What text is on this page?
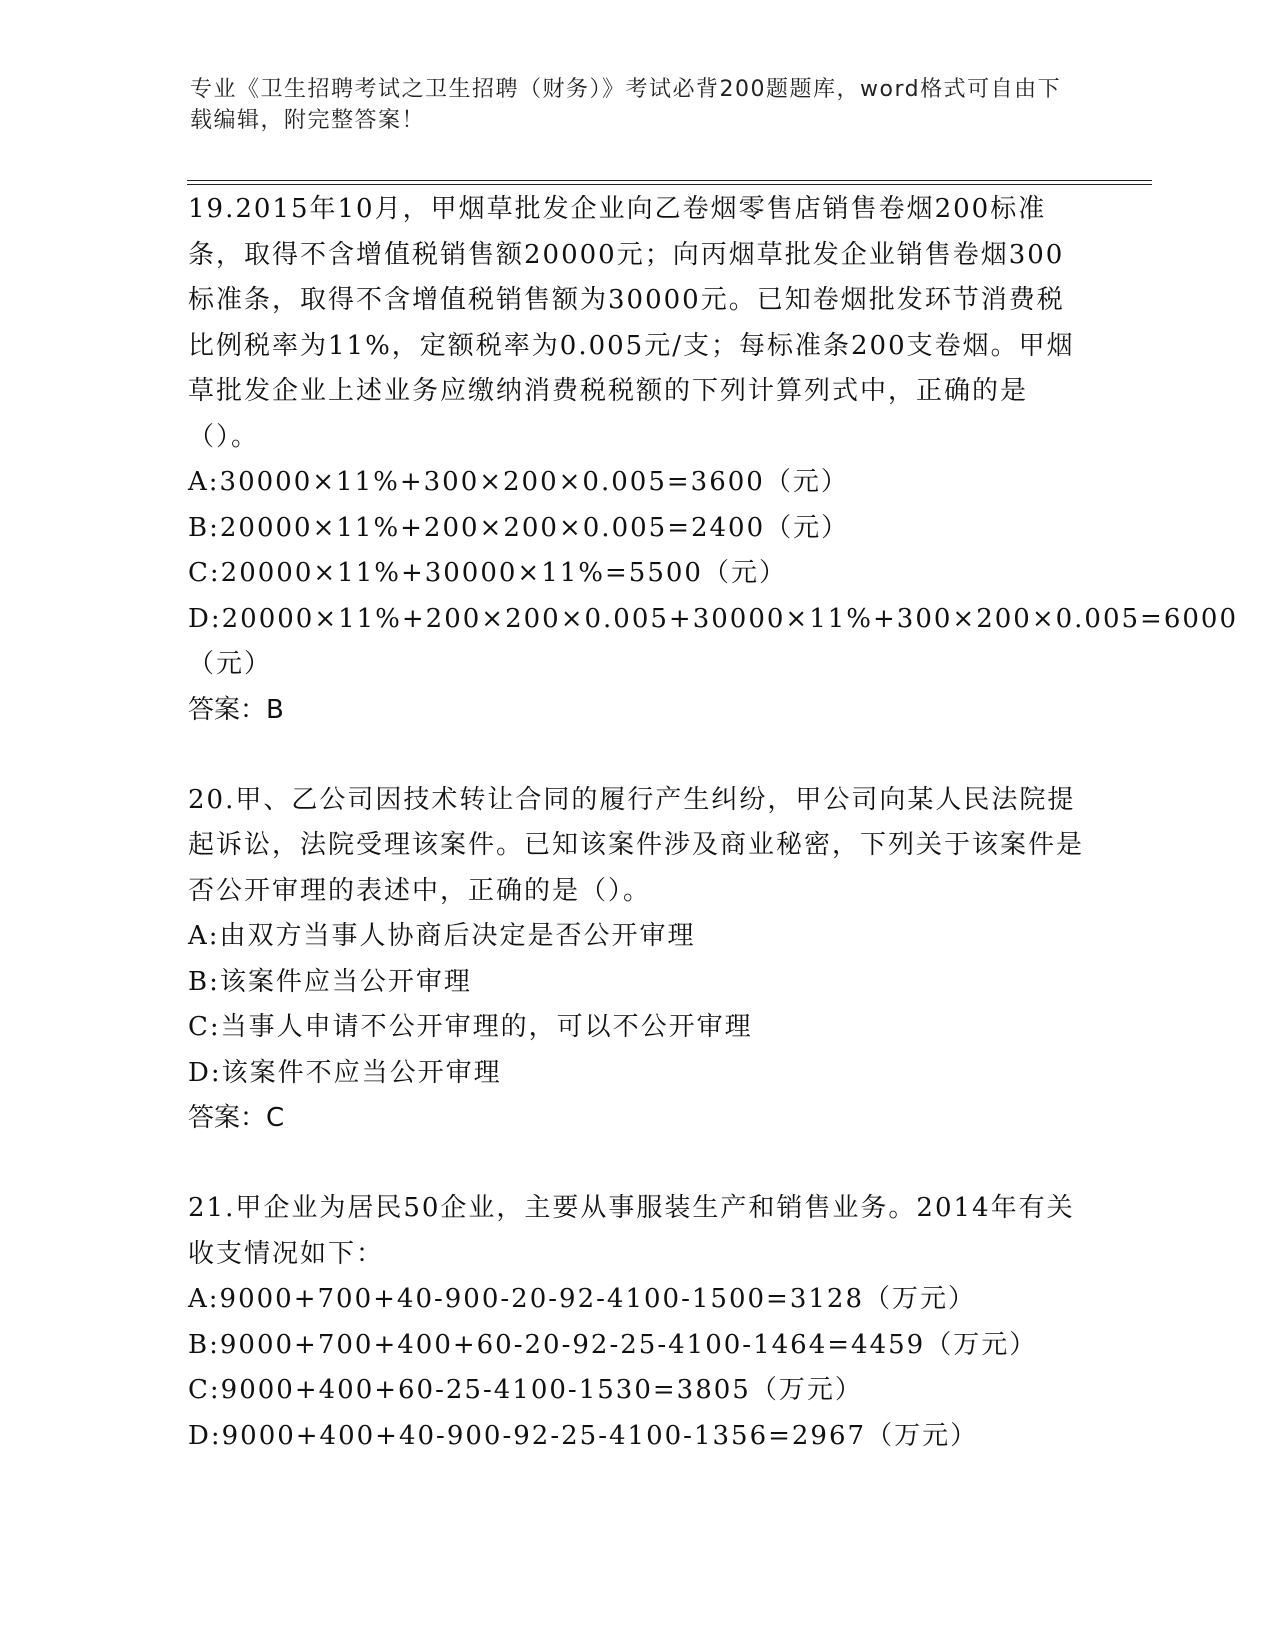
专业《卫生招聘考试之卫生招聘（财务）》考试必背200题题库，word格式可自由下载编辑，附完整答案！

19.2015年10月，甲烟草批发企业向乙卷烟零售店销售卷烟200标准条，取得不含增值税销售额20000元；向丙烟草批发企业销售卷烟300标准条，取得不含增值税销售额为30000元。已知卷烟批发环节消费税比例税率为11%，定额税率为0.005元/支；每标准条200支卷烟。甲烟草批发企业上述业务应缴纳消费税税额的下列计算列式中，正确的是（）。

A:30000×11%+300×200×0.005=3600（元）

B:20000×11%+200×200×0.005=2400（元）

C:20000×11%+30000×11%=5500（元）

D:20000×11%+200×200×0.005+30000×11%+300×200×0.005=6000（元）

答案：B

20.甲、乙公司因技术转让合同的履行产生纠纷，甲公司向某人民法院提起诉讼，法院受理该案件。已知该案件涉及商业秘密，下列关于该案件是否公开审理的表述中，正确的是（）。

A:由双方当事人协商后决定是否公开审理

B:该案件应当公开审理

C:当事人申请不公开审理的，可以不公开审理

D:该案件不应当公开审理

答案：C

21.甲企业为居民50企业，主要从事服装生产和销售业务。2014年有关收支情况如下：

A:9000+700+40-900-20-92-4100-1500=3128（万元）

B:9000+700+400+60-20-92-25-4100-1464=4459（万元）

C:9000+400+60-25-4100-1530=3805（万元）

D:9000+400+40-900-92-25-4100-1356=2967（万元）
